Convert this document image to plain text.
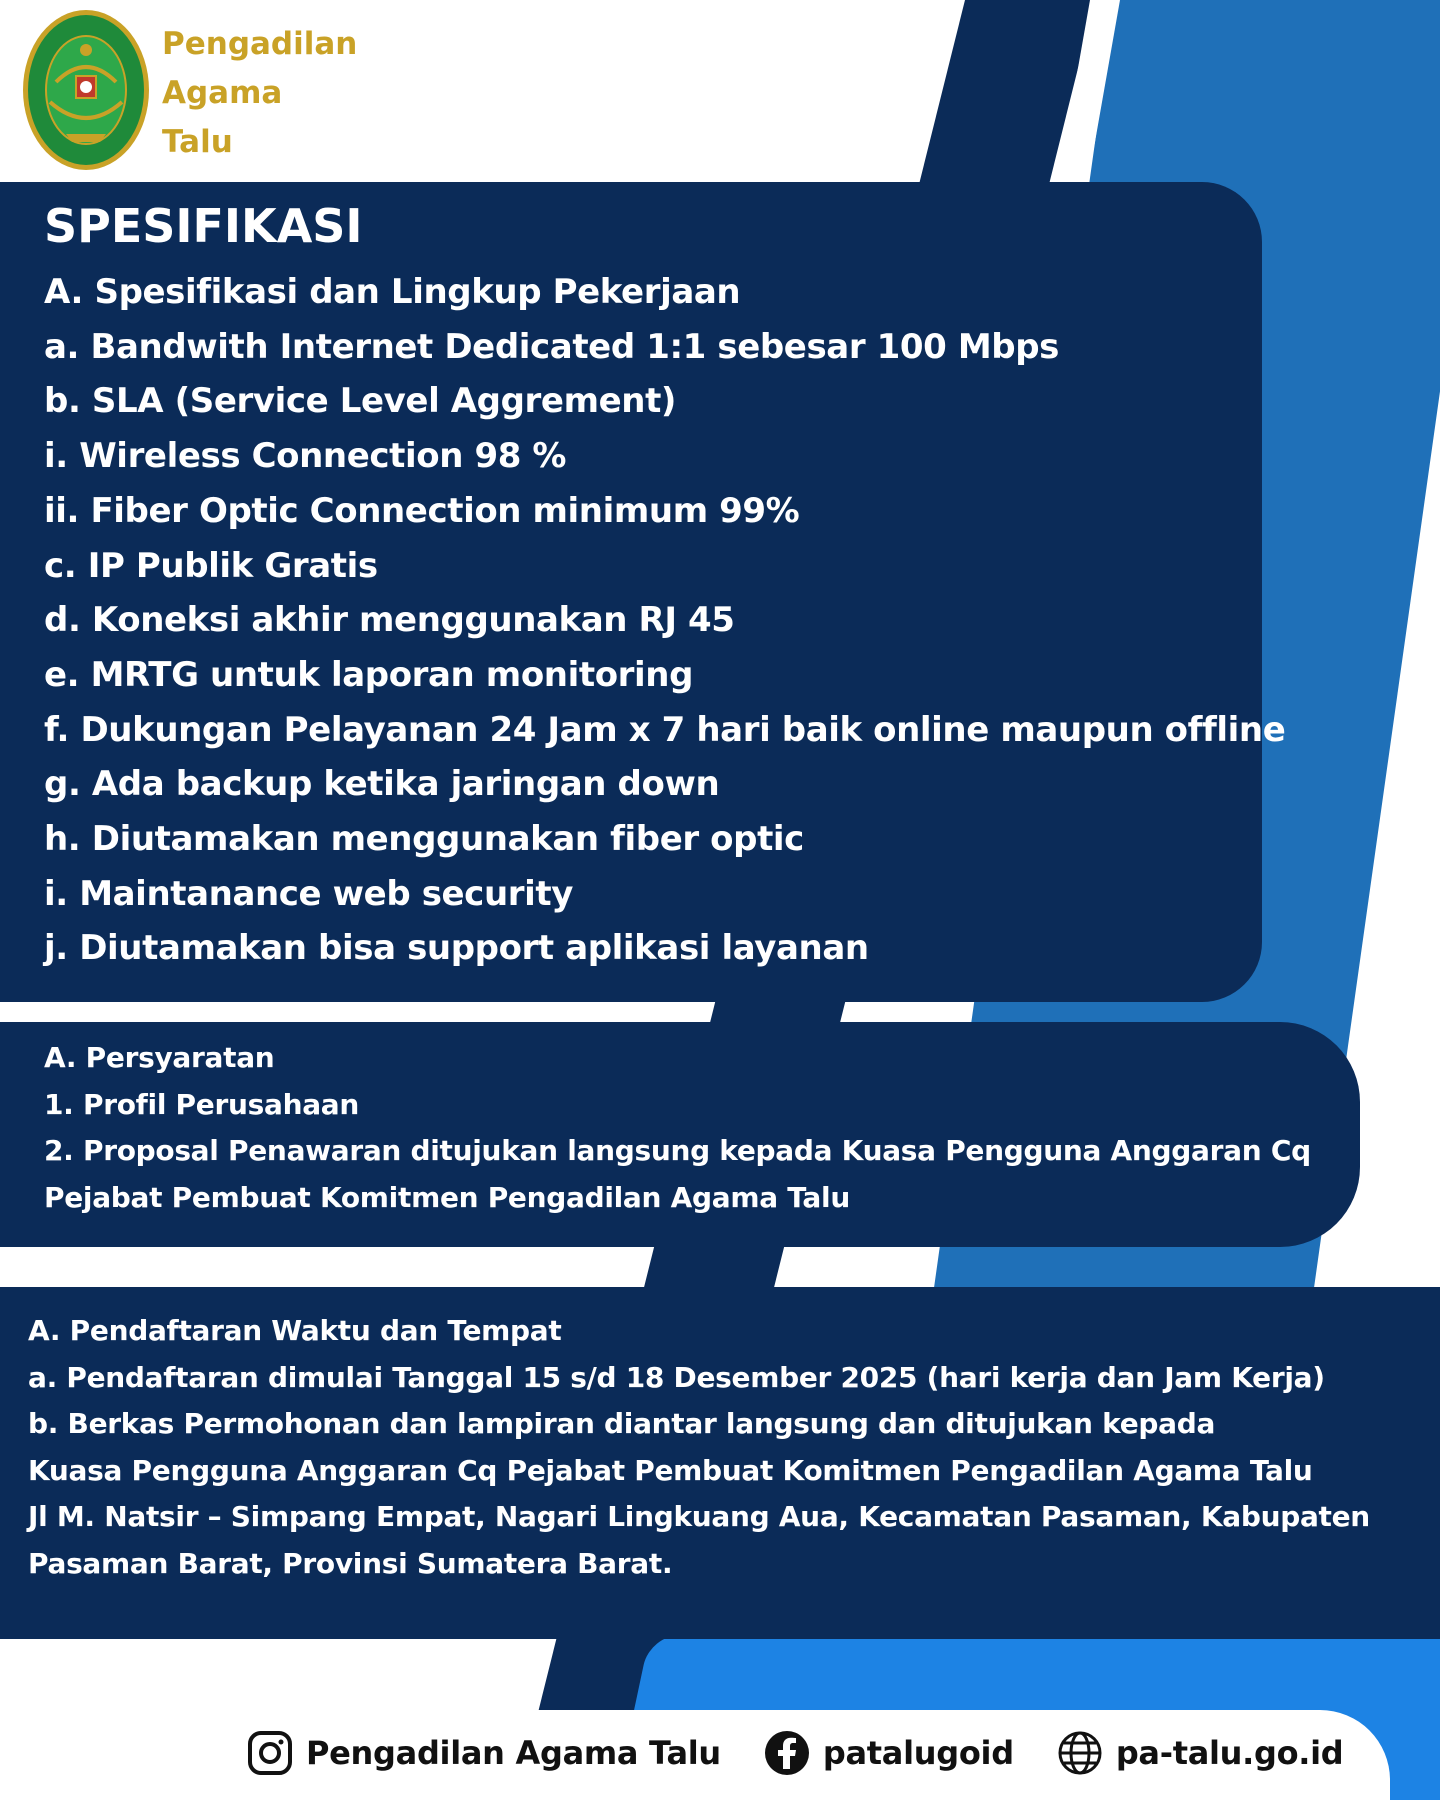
Pengadilan
Agama
Talu
SPESIFIKASI
A. Spesifikasi dan Lingkup Pekerjaan
a. Bandwith Internet Dedicated 1:1 sebesar 100 Mbps
b. SLA (Service Level Aggrement)
i. Wireless Connection 98 %
ii. Fiber Optic Connection minimum 99%
c. IP Publik Gratis
d. Koneksi akhir menggunakan RJ 45
e. MRTG untuk laporan monitoring
f. Dukungan Pelayanan 24 Jam x 7 hari baik online maupun offline
g. Ada backup ketika jaringan down
h. Diutamakan menggunakan fiber optic
i. Maintanance web security
j. Diutamakan bisa support aplikasi layanan
A. Persyaratan
1. Profil Perusahaan
2. Proposal Penawaran ditujukan langsung kepada Kuasa Pengguna Anggaran Cq
Pejabat Pembuat Komitmen Pengadilan Agama Talu
A. Pendaftaran Waktu dan Tempat
a. Pendaftaran dimulai Tanggal 15 s/d 18 Desember 2025 (hari kerja dan Jam Kerja)
b. Berkas Permohonan dan lampiran diantar langsung dan ditujukan kepada
Kuasa Pengguna Anggaran Cq Pejabat Pembuat Komitmen Pengadilan Agama Talu
Jl M. Natsir – Simpang Empat, Nagari Lingkuang Aua, Kecamatan Pasaman, Kabupaten
Pasaman Barat, Provinsi Sumatera Barat.
Pengadilan Agama Talu	patalugoid	pa-talu.go.id
